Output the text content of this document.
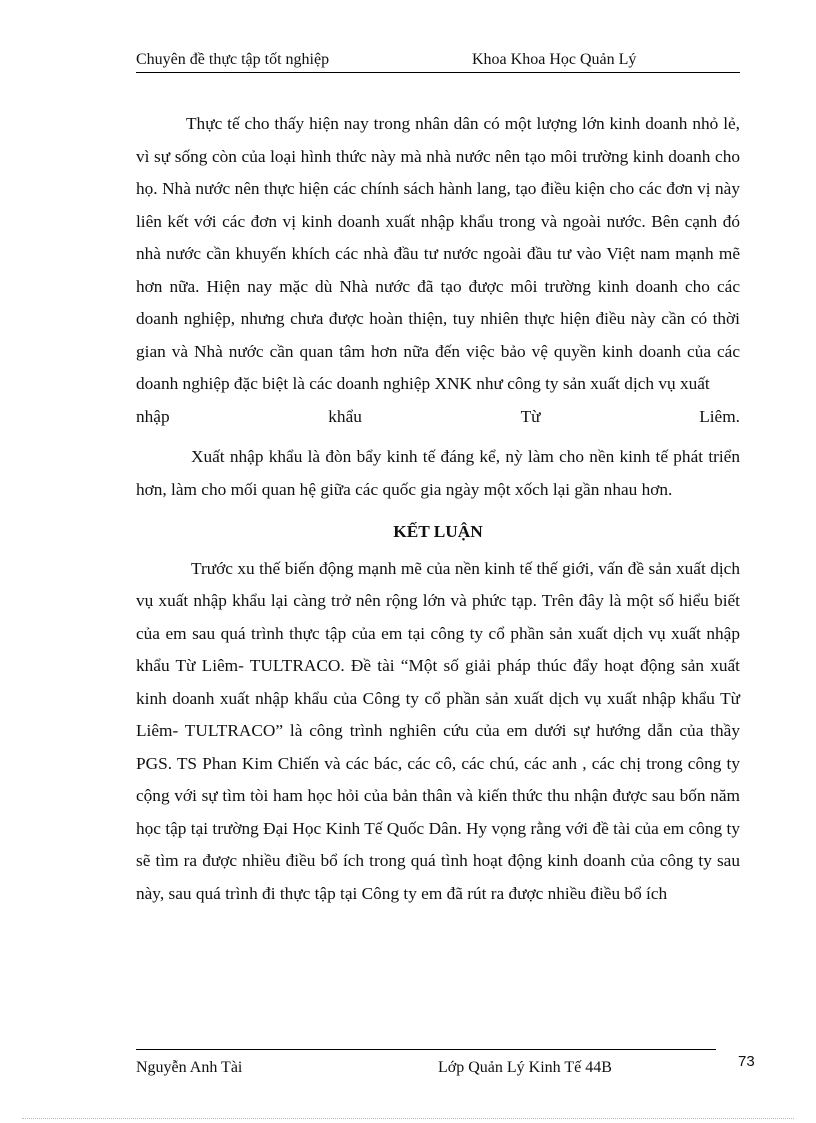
Chuyên đề thực tập tốt nghiệp	Khoa Khoa Học Quản Lý

Thực tế cho thấy hiện nay trong nhân dân có một lượng lớn kinh doanh nhỏ lẻ, vì sự sống còn của loại hình thức này mà nhà nước nên tạo môi trường kinh doanh cho họ. Nhà nước nên thực hiện các chính sách hành lang, tạo điều kiện cho các đơn vị này liên kết với các đơn vị kinh doanh xuất nhập khẩu trong và ngoài nước. Bên cạnh đó nhà nước cần khuyến khích các nhà đầu tư nước ngoài đầu tư vào Việt nam mạnh mẽ hơn nữa. Hiện nay mặc dù Nhà nước đã tạo được môi trường kinh doanh cho các doanh nghiệp, nhưng chưa được hoàn thiện, tuy nhiên thực hiện điều này cần có thời gian và Nhà nước cần quan tâm hơn nữa đến việc bảo vệ quyền kinh doanh của các doanh nghiệp đặc biệt là các doanh nghiệp XNK như công ty sản xuất dịch vụ xuất

nhập	khẩu	Từ	Liêm.

Xuất nhập khẩu là đòn bẩy kinh tế đáng kể, nỳ làm cho nền kinh tế phát triển hơn, làm cho mối quan hệ giữa các quốc gia ngày một xốch lại gần nhau hơn.

KẾT LUẬN

Trước xu thế biến động mạnh mẽ của nền kinh tế thế giới, vấn đề sản xuất dịch vụ xuất nhập khẩu lại càng trở nên rộng lớn và phức tạp. Trên đây là một số hiểu biết của em sau quá trình thực tập của em tại công ty cổ phần sản xuất dịch vụ xuất nhập khẩu Từ Liêm- TULTRACO. Đề tài “Một số giải pháp thúc đẩy hoạt động sản xuất kinh doanh xuất nhập khẩu của Công ty cổ phần sản xuất dịch vụ xuất nhập khẩu Từ Liêm- TULTRACO” là công trình nghiên cứu của em dưới sự hướng dẫn của thầy PGS. TS Phan Kim Chiến và các bác, các cô, các chú, các anh , các chị trong công ty cộng với sự tìm tòi ham học hỏi của bản thân và kiến thức thu nhận được sau bốn năm học tập tại trường Đại Học Kinh Tế Quốc Dân. Hy vọng rằng với đề tài của em công ty sẽ tìm ra được nhiều điều bổ ích trong quá tình hoạt động kinh doanh của công ty sau này, sau quá trình đi thực tập tại Công ty em đã rút ra được nhiều điều bổ ích

Nguyễn Anh Tài	Lớp Quản Lý Kinh Tế 44B	73
